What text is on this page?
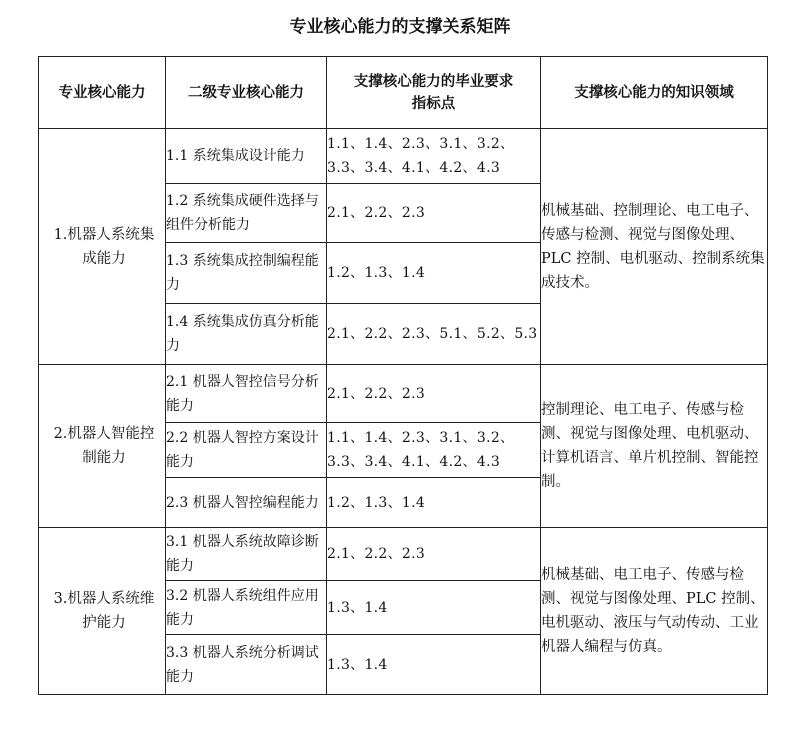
专业核心能力的支撑关系矩阵
专业核心能力	二级专业核心能力	支撑核心能力的毕业要求指标点	支撑核心能力的知识领域
1.机器人系统集成能力	1.1 系统集成设计能力	1.1、1.4、2.3、3.1、3.2、3.3、3.4、4.1、4.2、4.3	机械基础、控制理论、电工电子、传感与检测、视觉与图像处理、PLC 控制、电机驱动、控制系统集成技术。
	1.2 系统集成硬件选择与组件分析能力	2.1、2.2、2.3	
	1.3 系统集成控制编程能力	1.2、1.3、1.4	
	1.4 系统集成仿真分析能力	2.1、2.2、2.3、5.1、5.2、5.3	
2.机器人智能控制能力	2.1 机器人智控信号分析能力	2.1、2.2、2.3	控制理论、电工电子、传感与检测、视觉与图像处理、电机驱动、计算机语言、单片机控制、智能控制。
	2.2 机器人智控方案设计能力	1.1、1.4、2.3、3.1、3.2、3.3、3.4、4.1、4.2、4.3	
	2.3 机器人智控编程能力	1.2、1.3、1.4	
3.机器人系统维护能力	3.1 机器人系统故障诊断能力	2.1、2.2、2.3	机械基础、电工电子、传感与检测、视觉与图像处理、PLC 控制、电机驱动、液压与气动传动、工业机器人编程与仿真。
	3.2 机器人系统组件应用能力	1.3、1.4	
	3.3 机器人系统分析调试能力	1.3、1.4	
